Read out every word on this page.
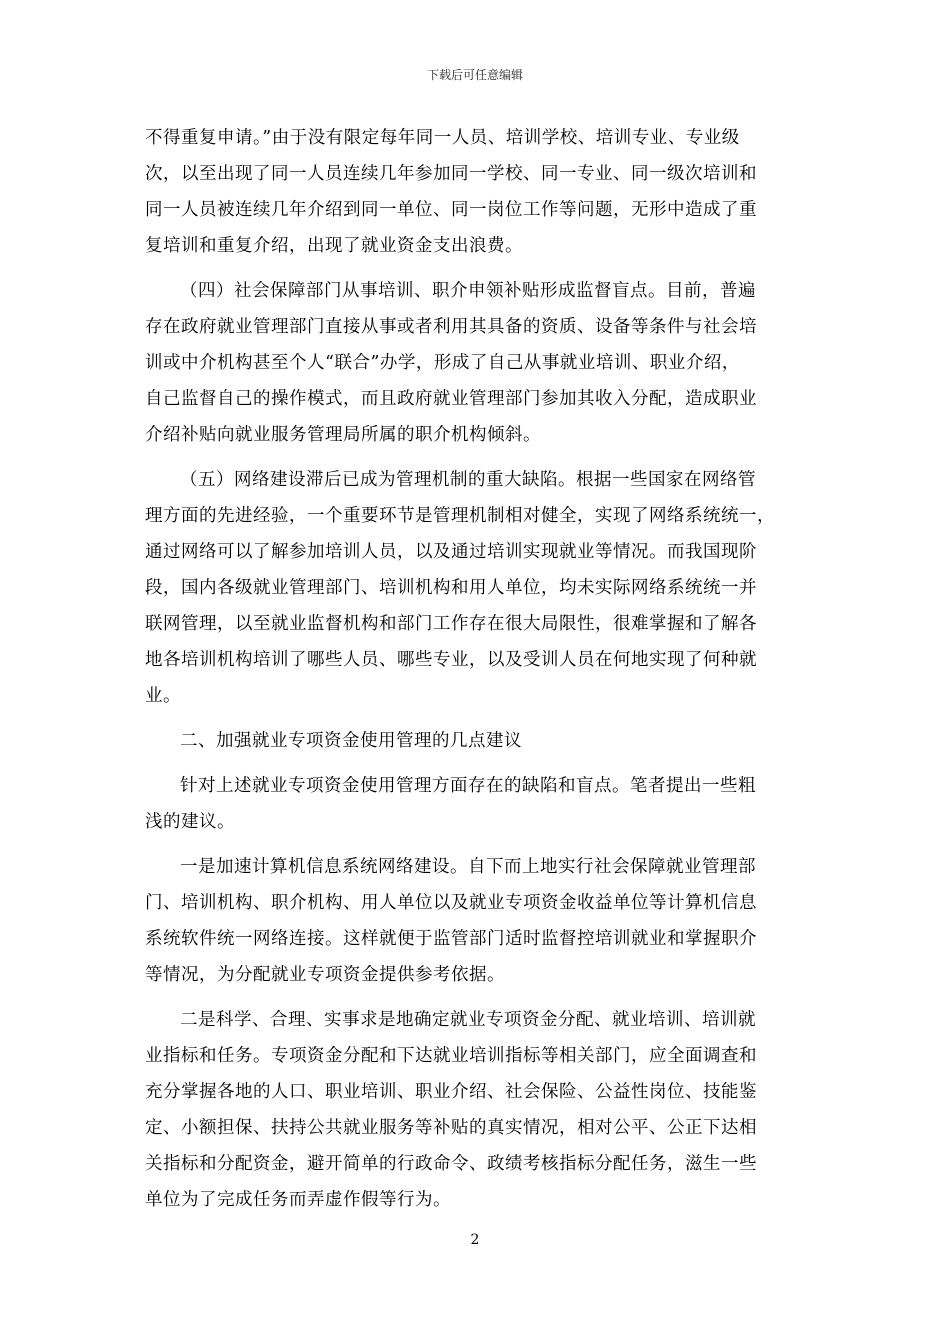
下载后可任意编辑
不得重复申请。”由于没有限定每年同一人员、培训学校、培训专业、专业级
次，以至出现了同一人员连续几年参加同一学校、同一专业、同一级次培训和
同一人员被连续几年介绍到同一单位、同一岗位工作等问题，无形中造成了重
复培训和重复介绍，出现了就业资金支出浪费。
（四）社会保障部门从事培训、职介申领补贴形成监督盲点。目前，普遍
存在政府就业管理部门直接从事或者利用其具备的资质、设备等条件与社会培
训或中介机构甚至个人“联合”办学，形成了自己从事就业培训、职业介绍，
自己监督自己的操作模式，而且政府就业管理部门参加其收入分配，造成职业
介绍补贴向就业服务管理局所属的职介机构倾斜。
（五）网络建设滞后已成为管理机制的重大缺陷。根据一些国家在网络管
理方面的先进经验，一个重要环节是管理机制相对健全，实现了网络系统统一，
通过网络可以了解参加培训人员，以及通过培训实现就业等情况。而我国现阶
段，国内各级就业管理部门、培训机构和用人单位，均未实际网络系统统一并
联网管理，以至就业监督机构和部门工作存在很大局限性，很难掌握和了解各
地各培训机构培训了哪些人员、哪些专业，以及受训人员在何地实现了何种就
业。
二、加强就业专项资金使用管理的几点建议
针对上述就业专项资金使用管理方面存在的缺陷和盲点。笔者提出一些粗
浅的建议。
一是加速计算机信息系统网络建设。自下而上地实行社会保障就业管理部
门、培训机构、职介机构、用人单位以及就业专项资金收益单位等计算机信息
系统软件统一网络连接。这样就便于监管部门适时监督控培训就业和掌握职介
等情况，为分配就业专项资金提供参考依据。
二是科学、合理、实事求是地确定就业专项资金分配、就业培训、培训就
业指标和任务。专项资金分配和下达就业培训指标等相关部门，应全面调查和
充分掌握各地的人口、职业培训、职业介绍、社会保险、公益性岗位、技能鉴
定、小额担保、扶持公共就业服务等补贴的真实情况，相对公平、公正下达相
关指标和分配资金，避开简单的行政命令、政绩考核指标分配任务，滋生一些
单位为了完成任务而弄虚作假等行为。
2
